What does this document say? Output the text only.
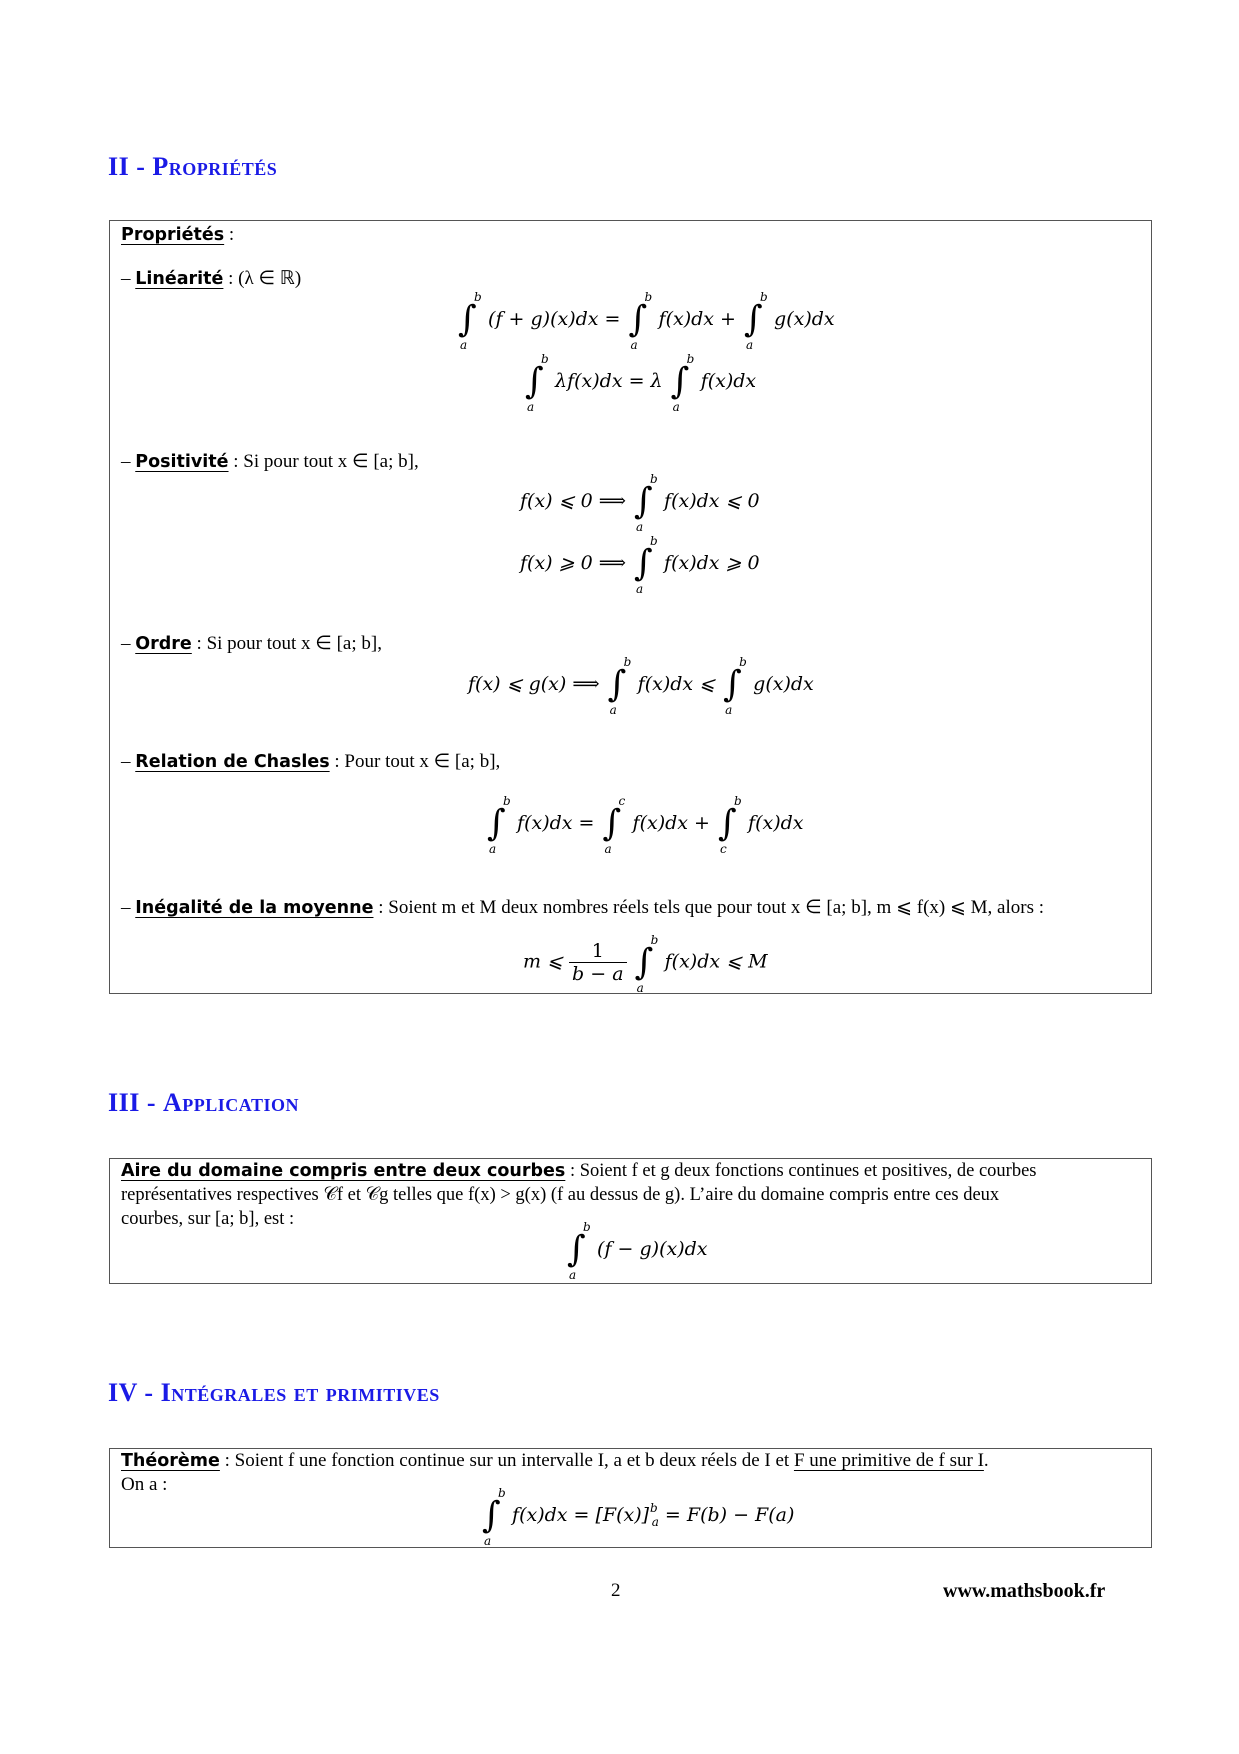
II - Propriétés
Propriétés :
– Linéarité : (λ ∈ ℝ)
∫
b
a
(f + g)(x)dx = ∫
b
a
f(x)dx + ∫
b
a
g(x)dx
∫
b
a
λf(x)dx = λ ∫
b
a
f(x)dx
– Positivité : Si pour tout x ∈ [a; b],
f(x) ⩽ 0 ⟹ ∫
b
a
f(x)dx ⩽ 0
f(x) ⩾ 0 ⟹ ∫
b
a
f(x)dx ⩾ 0
– Ordre : Si pour tout x ∈ [a; b],
f(x) ⩽ g(x) ⟹ ∫
b
a
f(x)dx ⩽ ∫
b
a
g(x)dx
– Relation de Chasles : Pour tout x ∈ [a; b],
∫
b
a
f(x)dx = ∫
c
a
f(x)dx + ∫
b
c
f(x)dx
– Inégalité de la moyenne : Soient m et M deux nombres réels tels que pour tout x ∈ [a; b], m ⩽ f(x) ⩽ M, alors :
m ⩽ $\frac{1}{b - a}$ ∫
b
a
f(x)dx ⩽ M
III - Application
Aire du domaine compris entre deux courbes : Soient f et g deux fonctions continues et positives, de courbes
représentatives respectives 𝒞f et 𝒞g telles que f(x) > g(x) (f au dessus de g). L’aire du domaine compris entre ces deux
courbes, sur [a; b], est :
∫
b
a
(f − g)(x)dx
IV - Intégrales et primitives
Théorème : Soient f une fonction continue sur un intervalle I, a et b deux réels de I et F une primitive de f sur I.
On a :
∫
b
a
$f(x)dx = [F(x)]_{ba} = F(b) - F(a)$
2	www.mathsbook.fr
